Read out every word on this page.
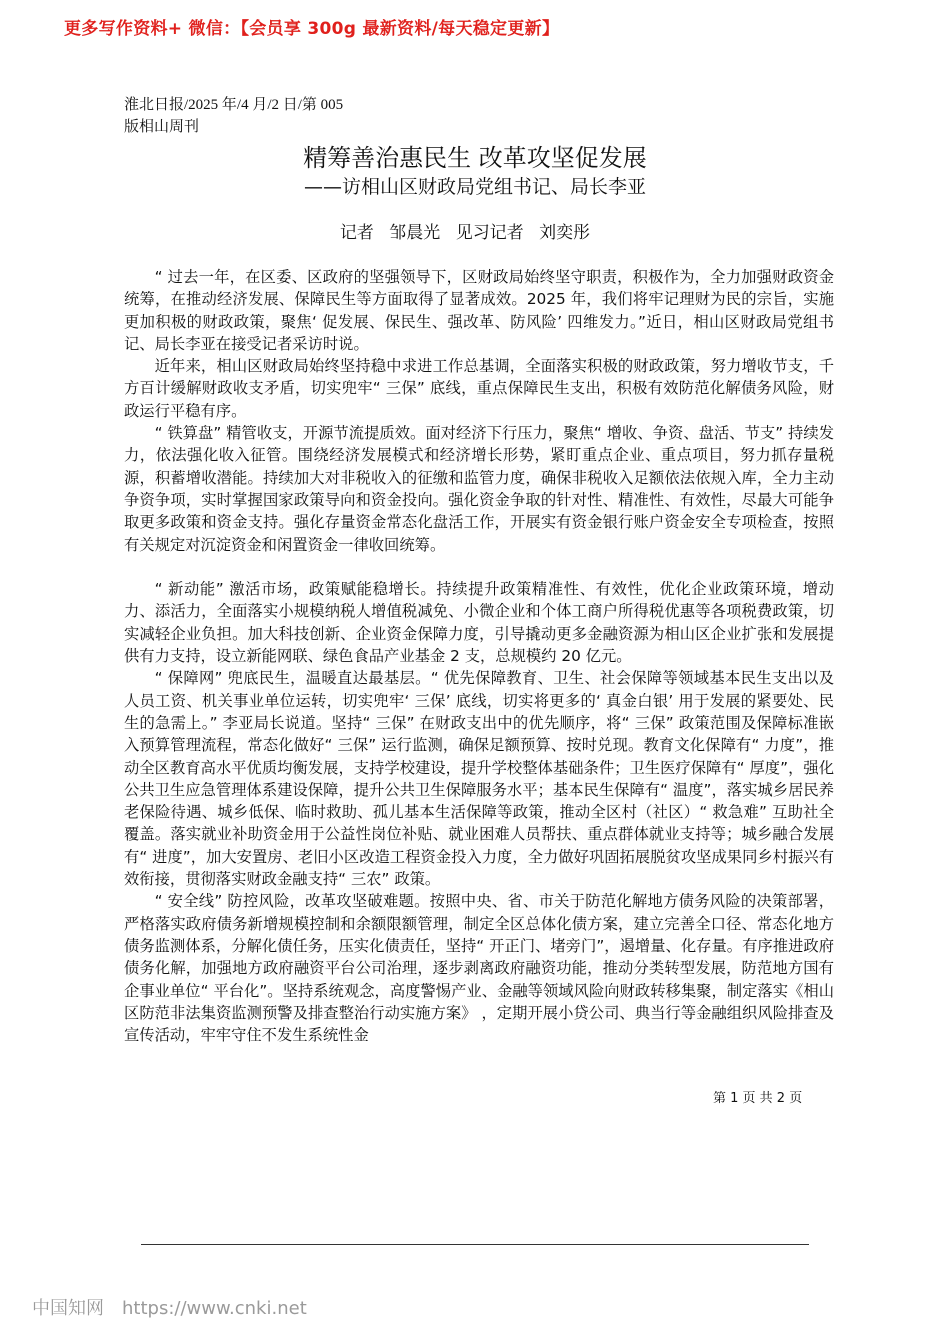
更多写作资料+ 微信：【会员享 300g 最新资料/每天稳定更新】
淮北日报/2025 年/4 月/2 日/第 005
版相山周刊
精筹善治惠民生 改革攻坚促发展
——访相山区财政局党组书记、局长李亚
记者 邹晨光 见习记者 刘奕彤

“ 过去一年，在区委、区政府的坚强领导下，区财政局始终坚守职责，积极作为，全力加强财政资金统筹，在推动经济发展、保障民生等方面取得了显著成效。2025 年，我们将牢记理财为民的宗旨，实施更加积极的财政政策，聚焦‘ 促发展、保民生、强改革、防风险’ 四维发力。”近日，相山区财政局党组书记、局长李亚在接受记者采访时说。

近年来，相山区财政局始终坚持稳中求进工作总基调，全面落实积极的财政政策，努力增收节支，千方百计缓解财政收支矛盾，切实兜牢“ 三保” 底线，重点保障民生支出，积极有效防范化解债务风险，财政运行平稳有序。

“ 铁算盘” 精管收支，开源节流提质效。面对经济下行压力，聚焦“ 增收、争资、盘活、节支” 持续发力，依法强化收入征管。围绕经济发展模式和经济增长形势，紧盯重点企业、重点项目，努力抓存量税源，积蓄增收潜能。持续加大对非税收入的征缴和监管力度，确保非税收入足额依法依规入库，全力主动争资争项，实时掌握国家政策导向和资金投向。强化资金争取的针对性、精准性、有效性，尽最大可能争取更多政策和资金支持。强化存量资金常态化盘活工作，开展实有资金银行账户资金安全专项检查，按照有关规定对沉淀资金和闲置资金一律收回统筹。

“ 新动能” 激活市场，政策赋能稳增长。持续提升政策精准性、有效性，优化企业政策环境，增动力、添活力，全面落实小规模纳税人增值税减免、小微企业和个体工商户所得税优惠等各项税费政策，切实减轻企业负担。加大科技创新、企业资金保障力度，引导撬动更多金融资源为相山区企业扩张和发展提供有力支持，设立新能网联、绿色食品产业基金 2 支，总规模约 20 亿元。

“ 保障网” 兜底民生，温暖直达最基层。“ 优先保障教育、卫生、社会保障等领域基本民生支出以及人员工资、机关事业单位运转，切实兜牢‘ 三保’ 底线，切实将更多的‘ 真金白银’ 用于发展的紧要处、民生的急需上。” 李亚局长说道。坚持“ 三保” 在财政支出中的优先顺序，将“ 三保” 政策范围及保障标准嵌入预算管理流程，常态化做好“ 三保” 运行监测，确保足额预算、按时兑现。教育文化保障有“ 力度”，推动全区教育高水平优质均衡发展，支持学校建设，提升学校整体基础条件；卫生医疗保障有“ 厚度”，强化公共卫生应急管理体系建设保障，提升公共卫生保障服务水平；基本民生保障有“ 温度”，落实城乡居民养老保险待遇、城乡低保、临时救助、孤儿基本生活保障等政策，推动全区村（社区）“ 救急难” 互助社全覆盖。落实就业补助资金用于公益性岗位补贴、就业困难人员帮扶、重点群体就业支持等；城乡融合发展有“ 进度”，加大安置房、老旧小区改造工程资金投入力度，全力做好巩固拓展脱贫攻坚成果同乡村振兴有效衔接，贯彻落实财政金融支持“ 三农” 政策。

“ 安全线” 防控风险，改革攻坚破难题。按照中央、省、市关于防范化解地方债务风险的决策部署，严格落实政府债务新增规模控制和余额限额管理，制定全区总体化债方案，建立完善全口径、常态化地方债务监测体系，分解化债任务，压实化债责任，坚持“ 开正门、堵旁门”，遏增量、化存量。有序推进政府债务化解，加强地方政府融资平台公司治理，逐步剥离政府融资功能，推动分类转型发展，防范地方国有企事业单位“ 平台化”。坚持系统观念，高度警惕产业、金融等领域风险向财政转移集聚，制定落实《相山区防范非法集资监测预警及排查整治行动实施方案》 ，定期开展小贷公司、典当行等金融组织风险排查及宣传活动，牢牢守住不发生系统性金

第 1 页 共 2 页
中国知网 https://www.cnki.net
